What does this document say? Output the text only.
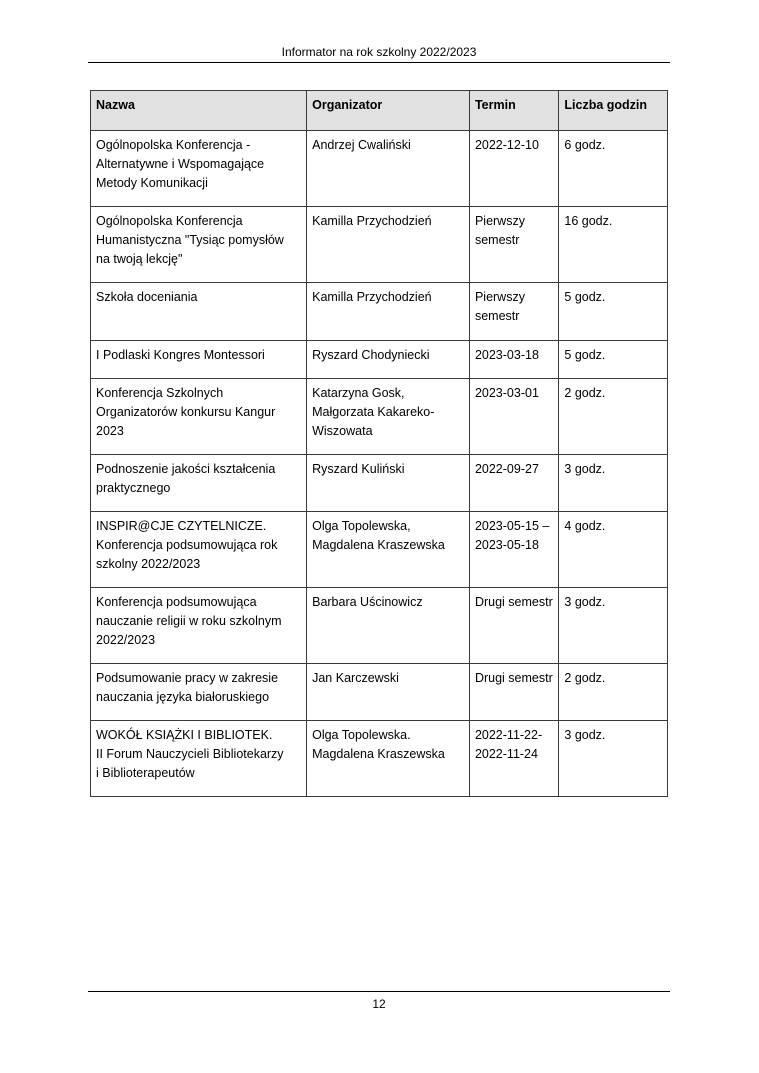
Informator na rok szkolny 2022/2023
Nazwa	Organizator	Termin	Liczba godzin
Ogólnopolska Konferencja -
Alternatywne i Wspomagające
Metody Komunikacji	Andrzej Cwaliński	2022-12-10	6 godz.
Ogólnopolska Konferencja
Humanistyczna "Tysiąc pomysłów
na twoją lekcję"	Kamilla Przychodzień	Pierwszy
semestr	16 godz.
Szkoła doceniania	Kamilla Przychodzień	Pierwszy
semestr	5 godz.
I Podlaski Kongres Montessori	Ryszard Chodyniecki	2023-03-18	5 godz.
Konferencja Szkolnych
Organizatorów konkursu Kangur
2023	Katarzyna Gosk,
Małgorzata Kakareko-
Wiszowata	2023-03-01	2 godz.
Podnoszenie jakości kształcenia
praktycznego	Ryszard Kuliński	2022-09-27	3 godz.
INSPIR@CJE CZYTELNICZE.
Konferencja podsumowująca rok
szkolny 2022/2023	Olga Topolewska,
Magdalena Kraszewska	2023-05-15 –
2023-05-18	4 godz.
Konferencja podsumowująca
nauczanie religii w roku szkolnym
2022/2023	Barbara Uścinowicz	Drugi semestr	3 godz.
Podsumowanie pracy w zakresie
nauczania języka białoruskiego	Jan Karczewski	Drugi semestr	2 godz.
WOKÓŁ KSIĄŻKI I BIBLIOTEK.
II Forum Nauczycieli Bibliotekarzy
i Biblioterapeutów	Olga Topolewska.
Magdalena Kraszewska	2022-11-22-
2022-11-24	3 godz.
12
